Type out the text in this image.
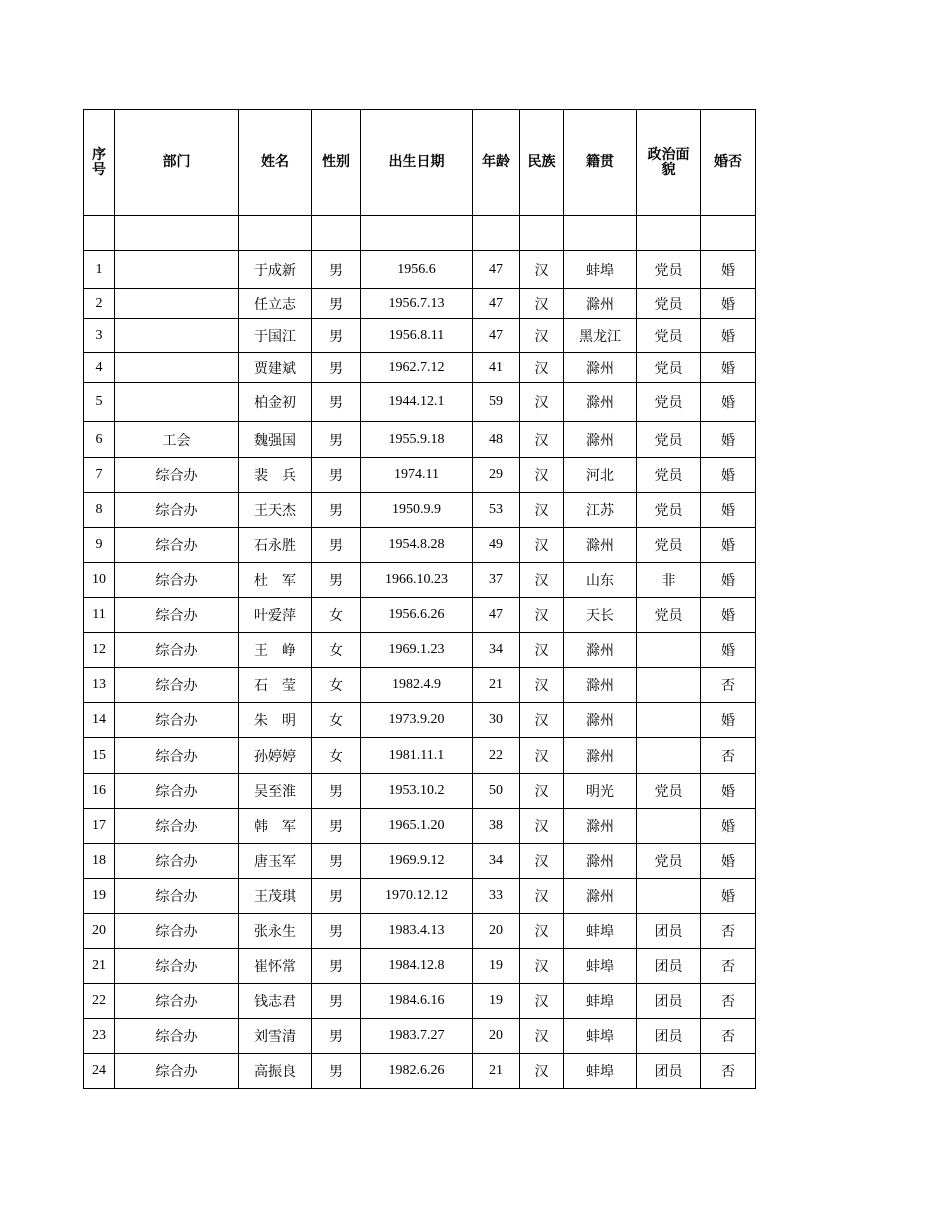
序号	部门	姓名	性别	出生日期	年龄	民族	籍贯	政治面貌	婚否

1		于成新	男	1956.6	47	汉	蚌埠	党员	婚
2		任立志	男	1956.7.13	47	汉	滁州	党员	婚
3		于国江	男	1956.8.11	47	汉	黑龙江	党员	婚
4		贾建斌	男	1962.7.12	41	汉	滁州	党员	婚
5		柏金初	男	1944.12.1	59	汉	滁州	党员	婚
6	工会	魏强国	男	1955.9.18	48	汉	滁州	党员	婚
7	综合办	裴　兵	男	1974.11	29	汉	河北	党员	婚
8	综合办	王天杰	男	1950.9.9	53	汉	江苏	党员	婚
9	综合办	石永胜	男	1954.8.28	49	汉	滁州	党员	婚
10	综合办	杜　军	男	1966.10.23	37	汉	山东	非	婚
11	综合办	叶爱萍	女	1956.6.26	47	汉	天长	党员	婚
12	综合办	王　峥	女	1969.1.23	34	汉	滁州		婚
13	综合办	石　莹	女	1982.4.9	21	汉	滁州		否
14	综合办	朱　明	女	1973.9.20	30	汉	滁州		婚
15	综合办	孙婷婷	女	1981.11.1	22	汉	滁州		否
16	综合办	吴至淮	男	1953.10.2	50	汉	明光	党员	婚
17	综合办	韩　军	男	1965.1.20	38	汉	滁州		婚
18	综合办	唐玉军	男	1969.9.12	34	汉	滁州	党员	婚
19	综合办	王茂琪	男	1970.12.12	33	汉	滁州		婚
20	综合办	张永生	男	1983.4.13	20	汉	蚌埠	团员	否
21	综合办	崔怀常	男	1984.12.8	19	汉	蚌埠	团员	否
22	综合办	钱志君	男	1984.6.16	19	汉	蚌埠	团员	否
23	综合办	刘雪清	男	1983.7.27	20	汉	蚌埠	团员	否
24	综合办	高振良	男	1982.6.26	21	汉	蚌埠	团员	否
